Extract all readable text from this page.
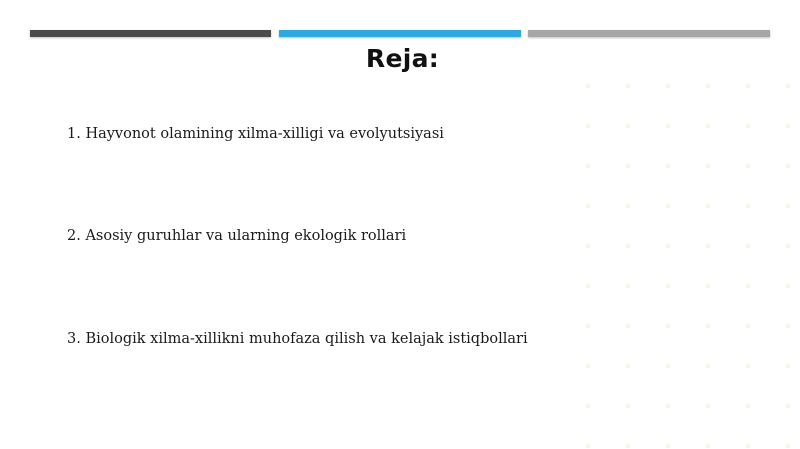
Reja:
1. Hayvonot olamining xilma-xilligi va evolyutsiyasi
2. Asosiy guruhlar va ularning ekologik rollari
3. Biologik xilma-xillikni muhofaza qilish va kelajak istiqbollari
